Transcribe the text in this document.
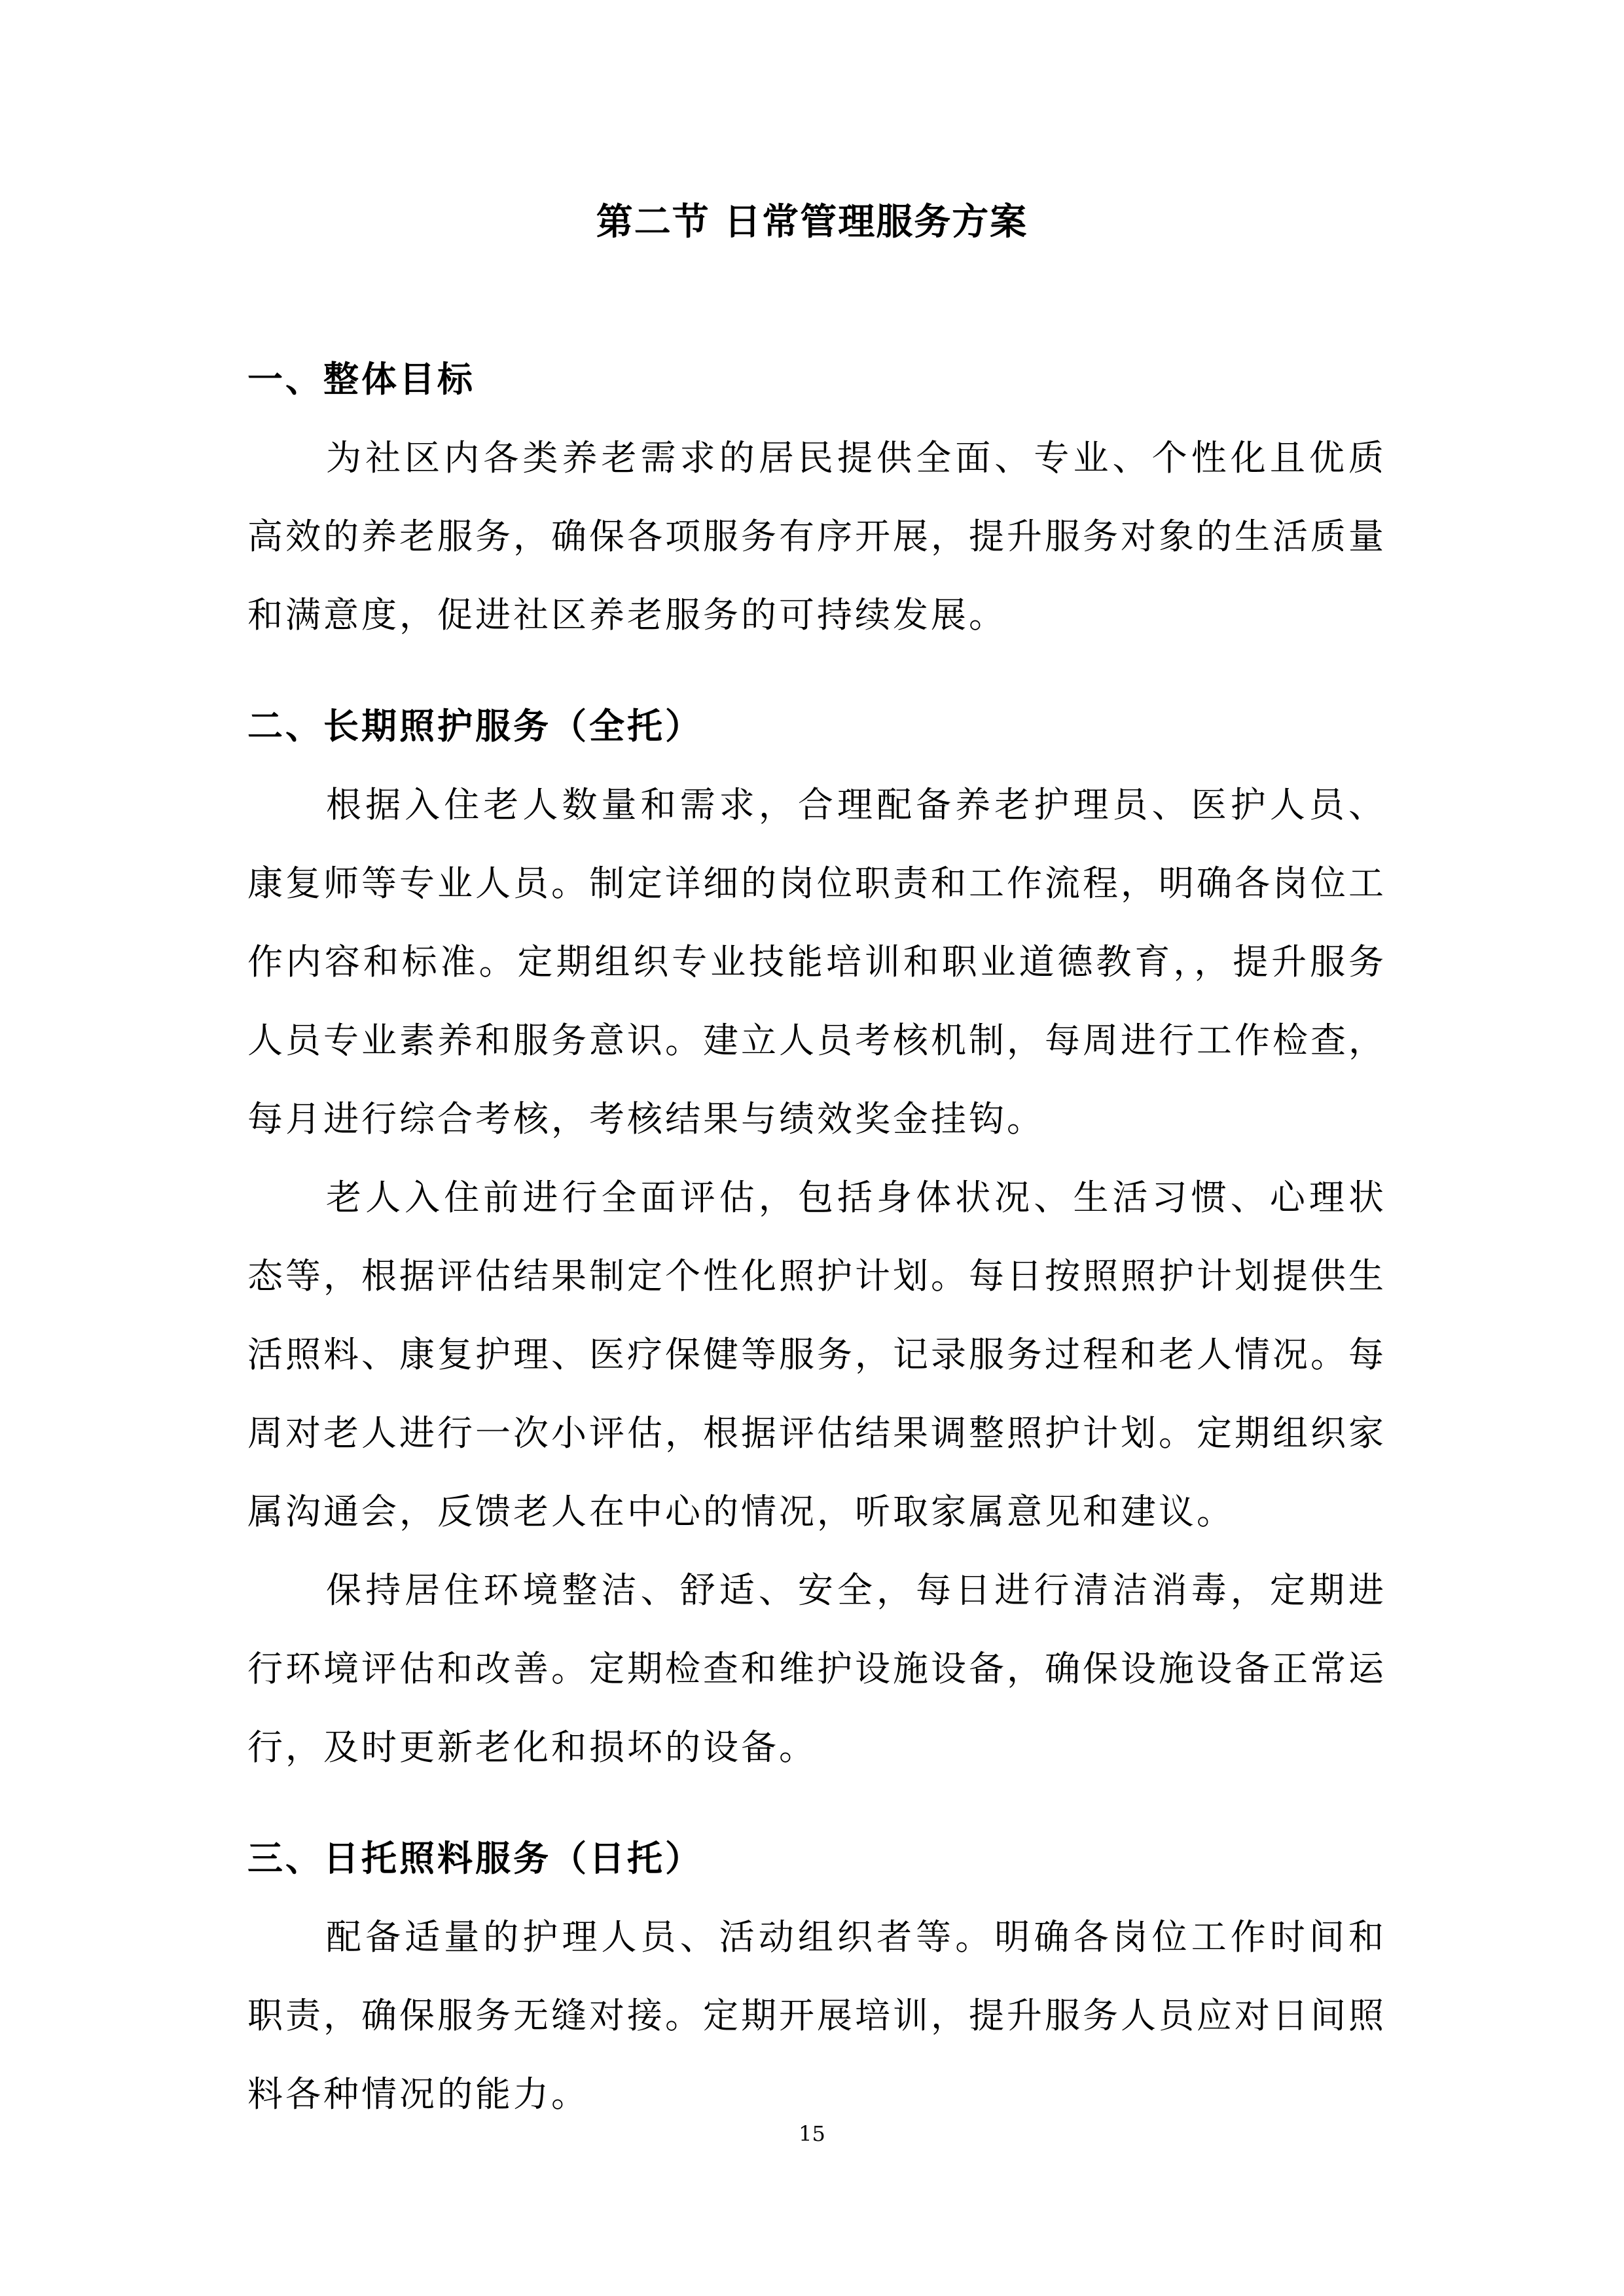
第二节 日常管理服务方案
一、整体目标

为社区内各类养老需求的居民提供全面、专业、个性化且优质高效的养老服务，确保各项服务有序开展，提升服务对象的生活质量和满意度，促进社区养老服务的可持续发展。

二、长期照护服务（全托）

根据入住老人数量和需求，合理配备养老护理员、医护人员、康复师等专业人员。制定详细的岗位职责和工作流程，明确各岗位工作内容和标准。定期组织专业技能培训和职业道德教育，，提升服务人员专业素养和服务意识。建立人员考核机制，每周进行工作检查，每月进行综合考核，考核结果与绩效奖金挂钩。

老人入住前进行全面评估，包括身体状况、生活习惯、心理状态等，根据评估结果制定个性化照护计划。每日按照照护计划提供生活照料、康复护理、医疗保健等服务，记录服务过程和老人情况。每周对老人进行一次小评估，根据评估结果调整照护计划。定期组织家属沟通会，反馈老人在中心的情况，听取家属意见和建议。

保持居住环境整洁、舒适、安全，每日进行清洁消毒，定期进行环境评估和改善。定期检查和维护设施设备，确保设施设备正常运行，及时更新老化和损坏的设备。

三、日托照料服务（日托）

配备适量的护理人员、活动组织者等。明确各岗位工作时间和职责，确保服务无缝对接。定期开展培训，提升服务人员应对日间照料各种情况的能力。

15
